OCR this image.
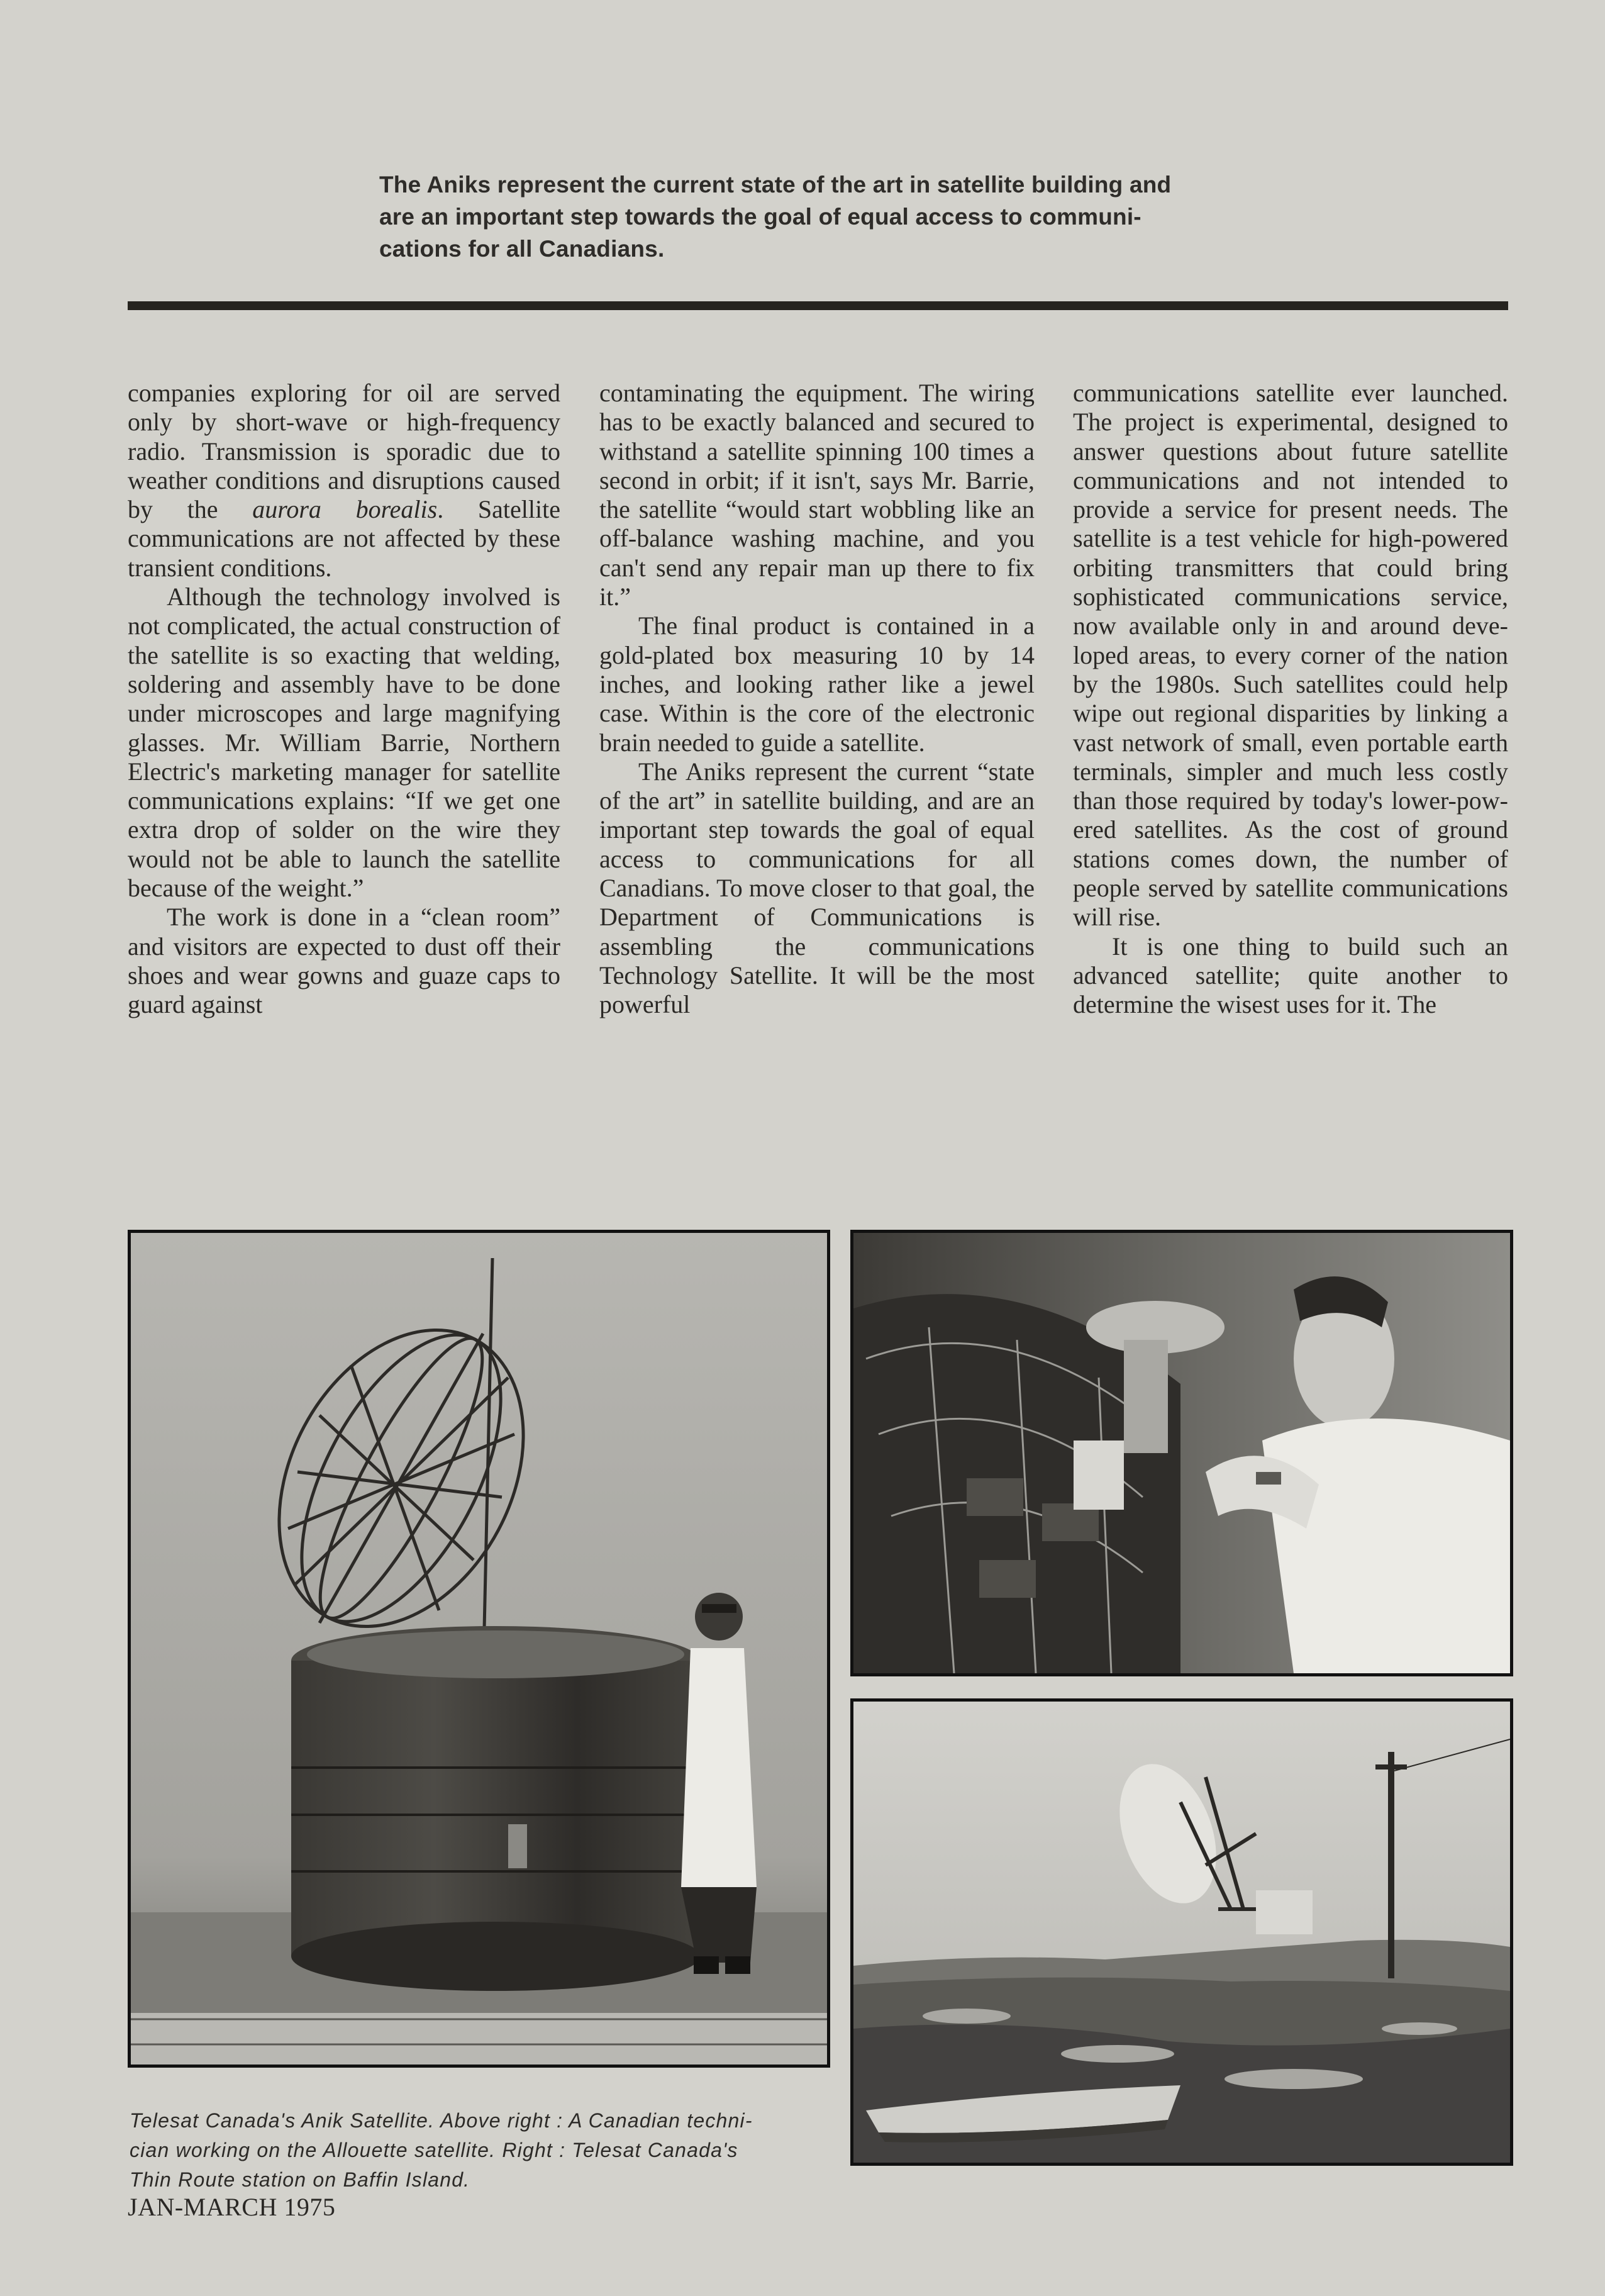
The Aniks represent the current state of the art in satellite building and
are an important step towards the goal of equal access to communi-
cations for all Canadians.

companies exploring for oil are served only by short-wave or high-frequency radio. Transmission is sporadic due to weather conditions and disruptions caused by the aurora borealis. Satellite communications are not affected by these transient conditions.

Although the technology involved is not complicated, the actual construction of the satellite is so exacting that welding, soldering and assembly have to be done under microscopes and large magnifying glasses. Mr. William Barrie, Northern Electric's marketing manager for satellite communications explains: “If we get one extra drop of solder on the wire they would not be able to launch the satellite because of the weight.”

The work is done in a “clean room” and visitors are expected to dust off their shoes and wear gowns and guaze caps to guard against

contaminating the equipment. The wiring has to be exactly balanced and secured to withstand a satellite spinning 100 times a second in orbit; if it isn't, says Mr. Barrie, the satellite “would start wobbling like an off-balance washing machine, and you can't send any repair man up there to fix it.”

The final product is contained in a gold-plated box measuring 10 by 14 inches, and looking rather like a jewel case. Within is the core of the electronic brain needed to guide a satellite.

The Aniks represent the current “state of the art” in satellite building, and are an important step towards the goal of equal access to communications for all Canadians. To move closer to that goal, the Department of Communications is assembling the communications Technology Satellite. It will be the most powerful

communications satellite ever launched. The project is experimental, designed to answer questions about future satellite communications and not intended to provide a service for present needs. The satellite is a test vehicle for high-powered orbiting transmitters that could bring sophisticated communications service, now available only in and around developed areas, to every corner of the nation by the 1980s. Such satellites could help wipe out regional disparities by linking a vast network of small, even portable earth terminals, simpler and much less costly than those required by today's lower-powered satellites. As the cost of ground stations comes down, the number of people served by satellite communications will rise.

It is one thing to build such an advanced satellite; quite another to determine the wisest uses for it. The

Telesat Canada's Anik Satellite. Above right : A Canadian techni-
cian working on the Allouette satellite. Right : Telesat Canada's
Thin Route station on Baffin Island.
JAN-MARCH 1975
